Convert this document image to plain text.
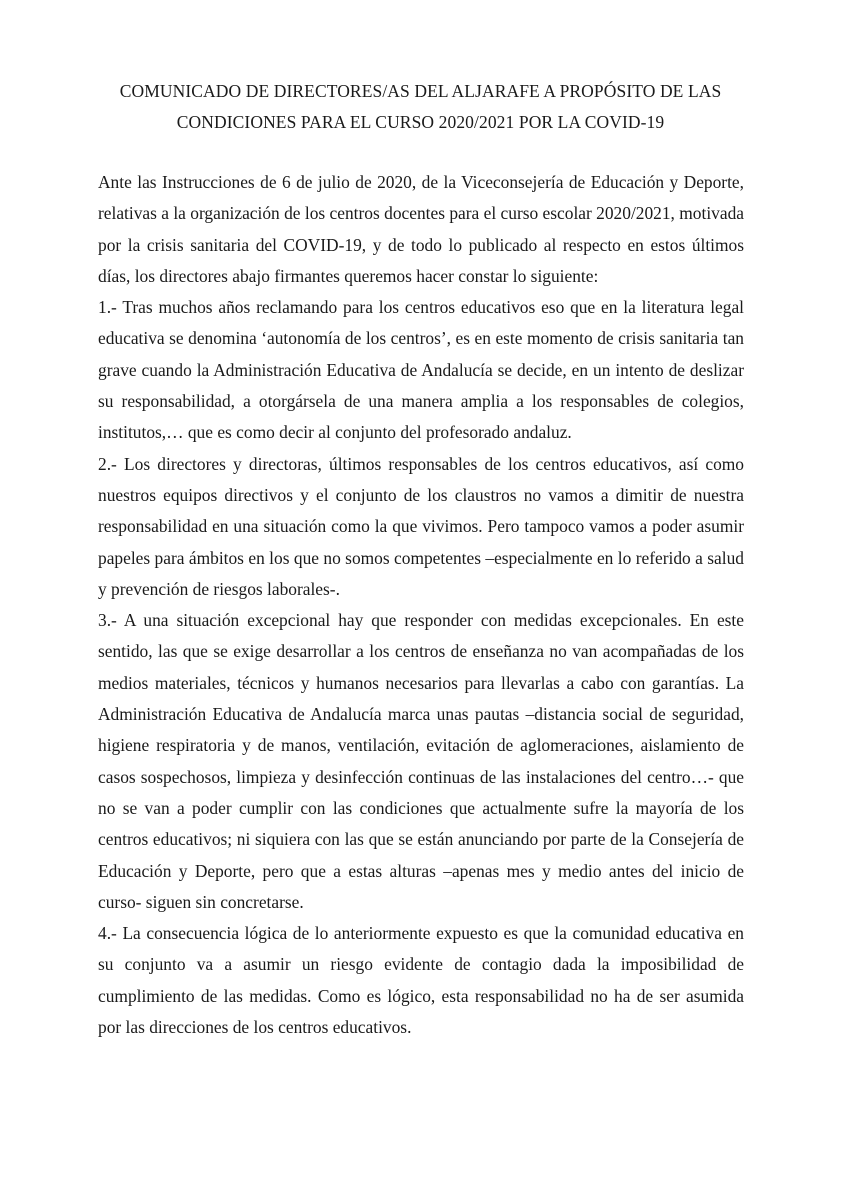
COMUNICADO DE DIRECTORES/AS DEL ALJARAFE A PROPÓSITO DE LAS
CONDICIONES PARA EL CURSO 2020/2021 POR LA COVID-19

Ante las Instrucciones de 6 de julio de 2020, de la Viceconsejería de Educación y Deporte, relativas a la organización de los centros docentes para el curso escolar 2020/2021, motivada por la crisis sanitaria del COVID-19, y de todo lo publicado al respecto en estos últimos días, los directores abajo firmantes queremos hacer constar lo siguiente:

1.- Tras muchos años reclamando para los centros educativos eso que en la literatura legal educativa se denomina ‘autonomía de los centros’, es en este momento de crisis sanitaria tan grave cuando la Administración Educativa de Andalucía se decide, en un intento de deslizar su responsabilidad, a otorgársela de una manera amplia a los responsables de colegios, institutos,… que es como decir al conjunto del profesorado andaluz.

2.- Los directores y directoras, últimos responsables de los centros educativos, así como nuestros equipos directivos y el conjunto de los claustros no vamos a dimitir de nuestra responsabilidad en una situación como la que vivimos. Pero tampoco vamos a poder asumir papeles para ámbitos en los que no somos competentes –especialmente en lo referido a salud y prevención de riesgos laborales-.

3.- A una situación excepcional hay que responder con medidas excepcionales. En este sentido, las que se exige desarrollar a los centros de enseñanza no van acompañadas de los medios materiales, técnicos y humanos necesarios para llevarlas a cabo con garantías. La Administración Educativa de Andalucía marca unas pautas –distancia social de seguridad, higiene respiratoria y de manos, ventilación, evitación de aglomeraciones, aislamiento de casos sospechosos, limpieza y desinfección continuas de las instalaciones del centro…- que no se van a poder cumplir con las condiciones que actualmente sufre la mayoría de los centros educativos; ni siquiera con las que se están anunciando por parte de la Consejería de Educación y Deporte, pero que a estas alturas –apenas mes y medio antes del inicio de curso- siguen sin concretarse.

4.- La consecuencia lógica de lo anteriormente expuesto es que la comunidad educativa en su conjunto va a asumir un riesgo evidente de contagio dada la imposibilidad de cumplimiento de las medidas. Como es lógico, esta responsabilidad no ha de ser asumida por las direcciones de los centros educativos.
